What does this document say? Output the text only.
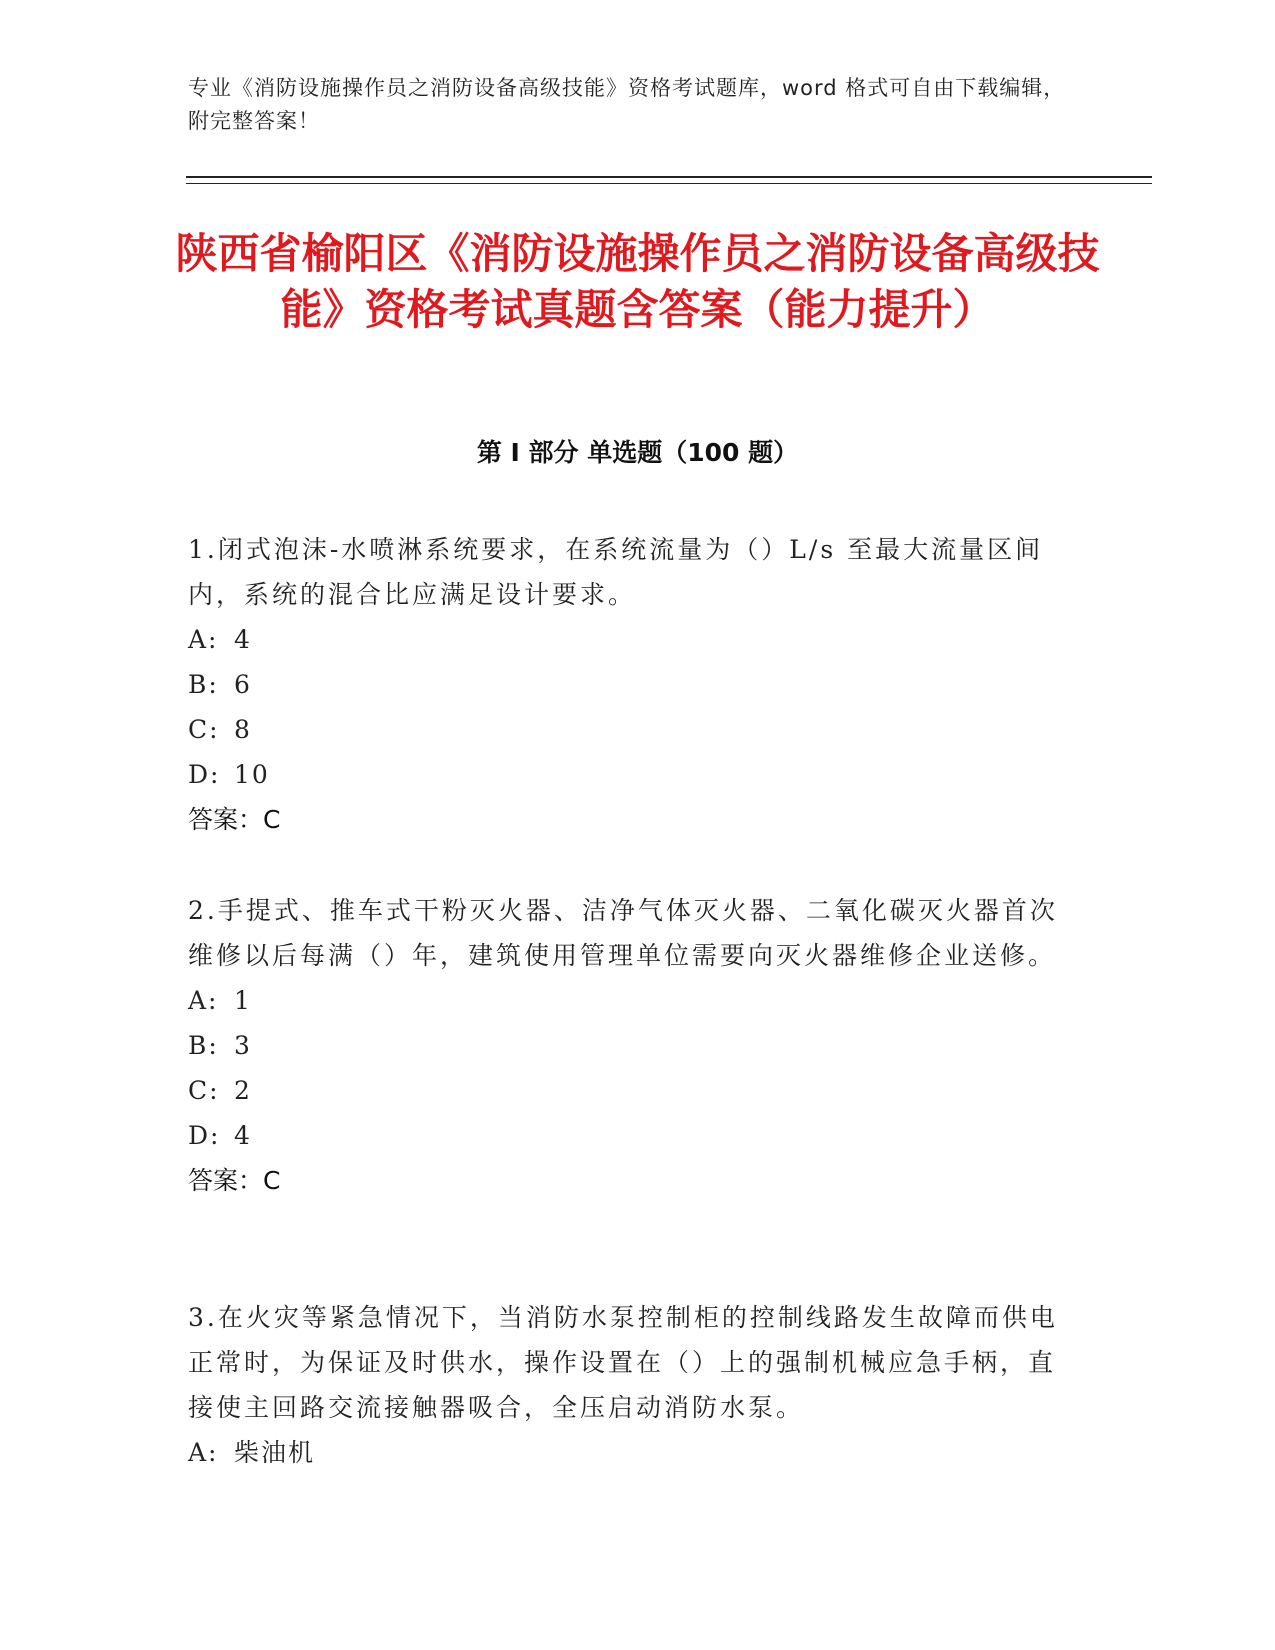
专业《消防设施操作员之消防设备高级技能》资格考试题库，word 格式可自由下载编辑，附完整答案！
陕西省榆阳区《消防设施操作员之消防设备高级技能》资格考试真题含答案（能力提升）
第 I 部分 单选题（100 题）

1.闭式泡沫-水喷淋系统要求，在系统流量为（）L/s 至最大流量区间内，系统的混合比应满足设计要求。

A: 4
B: 6
C: 8
D: 10

答案：C

2.手提式、推车式干粉灭火器、洁净气体灭火器、二氧化碳灭火器首次维修以后每满（）年，建筑使用管理单位需要向灭火器维修企业送修。

A: 1
B: 3
C: 2
D: 4

答案：C

3.在火灾等紧急情况下，当消防水泵控制柜的控制线路发生故障而供电正常时，为保证及时供水，操作设置在（）上的强制机械应急手柄，直接使主回路交流接触器吸合，全压启动消防水泵。

A: 柴油机
